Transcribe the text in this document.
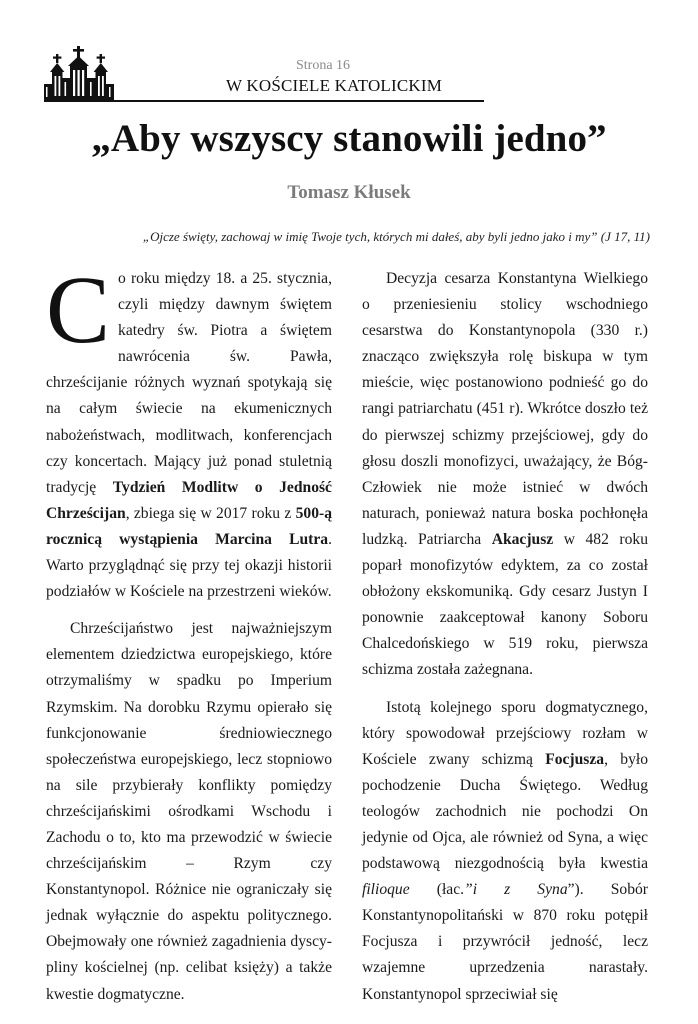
Strona 16
W KOŚCIELE KATOLICKIM
„Aby wszyscy stanowili jedno”
Tomasz Kłusek
„Ojcze święty, zachowaj w imię Twoje tych, których mi dałeś, aby byli jedno jako i my” (J 17, 11)

Co roku między 18. a 25. stycznia, czyli między dawnym świętem katedry św. Piotra a świętem nawrócenia św. Pawła, chrześcijanie różnych wyznań spotykają się na całym świecie na ekumenicznych nabożeństwach, modlitwach, konferencjach czy koncertach. Mający już ponad stuletnią tradycję Tydzień Modlitw o Jedność Chrześcijan, zbiega się w 2017 roku z 500-ą rocznicą wystąpienia Marcina Lutra. Warto przyglądnąć się przy tej okazji historii podziałów w Kościele na przestrzeni wieków.

Chrześcijaństwo jest najważniejszym elementem dziedzictwa europejskiego, które otrzymaliśmy w spadku po Imperium Rzymskim. Na dorobku Rzymu opierało się funkcjonowanie średniowiecznego społeczeństwa europejskiego, lecz stopniowo na sile przybierały konflikty pomiędzy chrześcijańskimi ośrodkami Wschodu i Zachodu o to, kto ma przewodzić w świecie chrześcijańskim – Rzym czy Konstantynopol. Różnice nie ograniczały się jednak wyłącznie do aspektu politycznego. Obejmowały one również zagadnienia dyscypliny kościelnej (np. celibat księży) a także kwestie dogmatyczne.

Decyzja cesarza Konstantyna Wielkiego o przeniesieniu stolicy wschodniego cesarstwa do Konstantynopola (330 r.) znacząco zwiększyła rolę biskupa w tym mieście, więc postanowiono podnieść go do rangi patriarchatu (451 r). Wkrótce doszło też do pierwszej schizmy przejściowej, gdy do głosu doszli monofizyci, uważający, że Bóg-Człowiek nie może istnieć w dwóch naturach, ponieważ natura boska pochłonęła ludzką. Patriarcha Akacjusz w 482 roku poparł monofizytów edyktem, za co został obłożony ekskomuniką. Gdy cesarz Justyn I ponownie zaakceptował kanony Soboru Chalcedońskiego w 519 roku, pierwsza schizma została zażegnana.

Istotą kolejnego sporu dogmatycznego, który spowodował przejściowy rozłam w Kościele zwany schizmą Focjusza, było pochodzenie Ducha Świętego. Według teologów zachodnich nie pochodzi On jedynie od Ojca, ale również od Syna, a więc podstawową niezgodnością była kwestia filioque (łac.”i z Syna”). Sobór Konstantynopolitański w 870 roku potępił Focjusza i przywrócił jedność, lecz wzajemne uprzedzenia narastały. Konstantynopol sprzeciwiał się
